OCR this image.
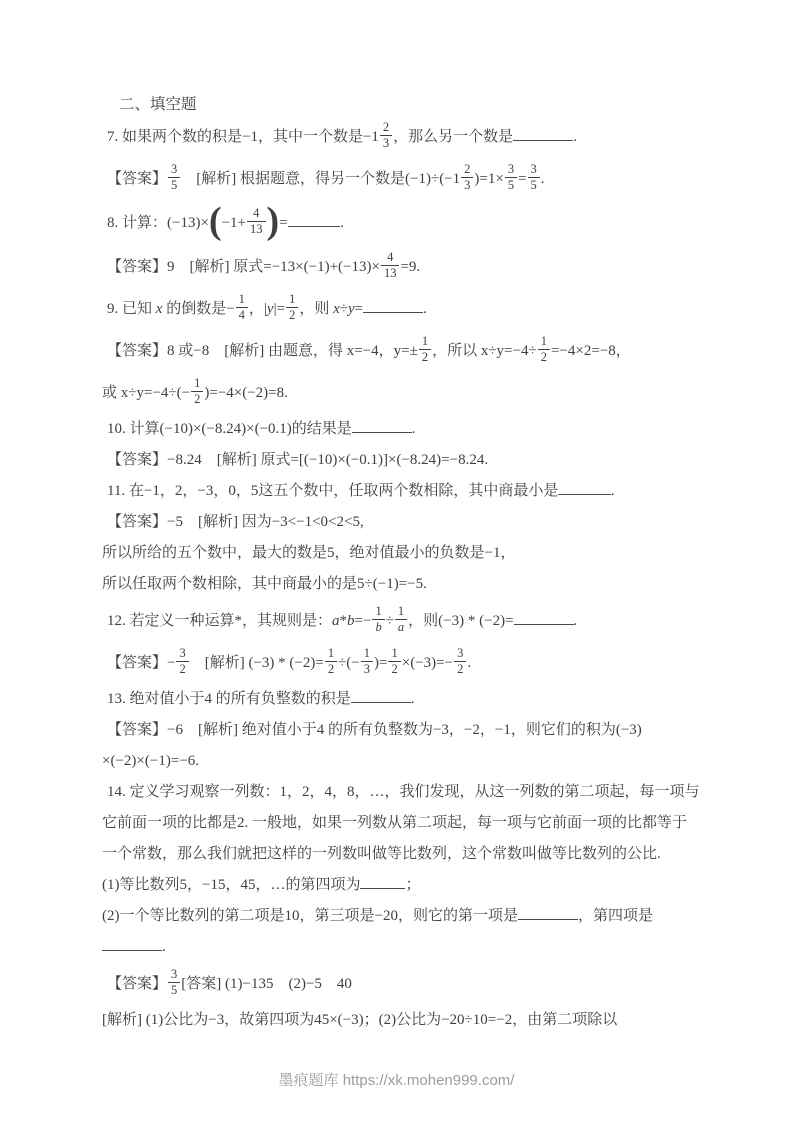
二、填空题
7. 如果两个数的积是−1，其中一个数是$-1 \frac{2}{3}$ ，那么另一个数是	.
【答案】 $\frac{3}{5}$ 　[解析] 根据题意，得另一个数是$(-1)\div(-1 \frac{2}{3} )=1\times \frac{3}{5} = \frac{3}{5}$ .
8. 计算：$(-13)\times(-1+ \frac{4}{13}$ )=	.
【答案】9　[解析] 原式$=-13\times(-1)+(-13)\times \frac{4}{13} =9$.
9. 已知 x 的倒数是− $\frac{1}{4}$ ，$|y|= \frac{1}{2}$ ，则 x÷y=	.
【答案】8 或−8　[解析] 由题意，得 x=−4，$y=\pm \frac{1}{2}$ ，所以 $x\div y=-4\div \frac{1}{2} =-4\times 2=-8$，
或 $x\div y=-4\div(- \frac{1}{2} )=-4\times(-2)=8$.
10. 计算(−10)×(−8.24)×(−0.1)的结果是	.
【答案】−8.24　[解析] 原式=[(−10)×(−0.1)]×(−8.24)=−8.24.
11. 在−1，2，−3，0，5这五个数中，任取两个数相除，其中商最小是	.
【答案】−5　[解析] 因为−3<−1<0<2<5,
所以所给的五个数中，最大的数是5，绝对值最小的负数是−1，
所以任取两个数相除，其中商最小的是5÷(−1)=−5.
12. 若定义一种运算*，其规则是：$a*b=- \frac{1}{b} \div \frac{1}{a}$ ，则(−3) * (−2)=	.
【答案】− $\frac{3}{2}$ 　[解析] $(-3) * (-2)= \frac{1}{2}$ ÷(− $\frac{1}{3}$ )= $\frac{1}{2} \times(-3)=- \frac{3}{2}$ .
13. 绝对值小于4 的所有负整数的积是	.
【答案】−6　[解析] 绝对值小于4 的所有负整数为−3，−2，−1，则它们的积为(−3)
×(−2)×(−1)=−6.
14. 定义学习观察一列数：1，2，4，8，…，我们发现，从这一列数的第二项起，每一项与
它前面一项的比都是2. 一般地，如果一列数从第二项起，每一项与它前面一项的比都等于
一个常数，那么我们就把这样的一列数叫做等比数列，这个常数叫做等比数列的公比.
(1)等比数列5，−15，45，…的第四项为	；
(2)一个等比数列的第二项是10，第三项是−20，则它的第一项是	，第四项是
.
【答案】 $\frac{3}{5}$ [答案] (1)−135　(2)−5　40
[解析] (1)公比为−3，故第四项为45×(−3)；(2)公比为−20÷10=−2，由第二项除以
墨痕题库 https://xk.mohen999.com/
